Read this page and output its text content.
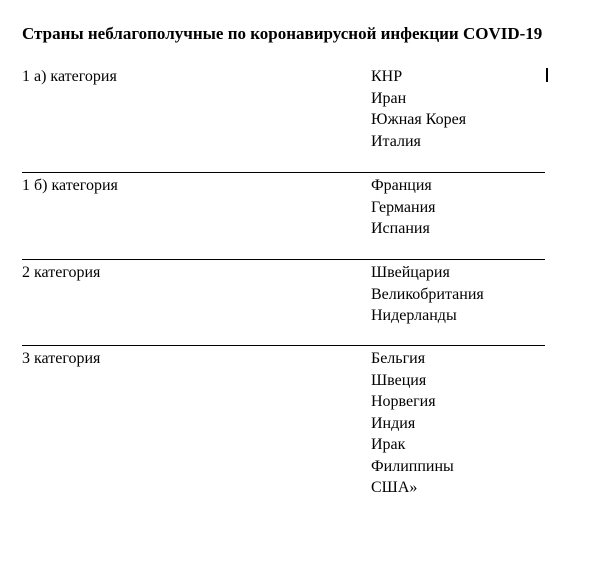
Страны неблагополучные по коронавирусной инфекции COVID-19
1 а) категория	КНР
Иран
Южная Корея
Италия
1 б) категория	Франция
Германия
Испания
2 категория	Швейцария
Великобритания
Нидерланды
3 категория	Бельгия
Швеция
Норвегия
Индия
Ирак
Филиппины
США»
